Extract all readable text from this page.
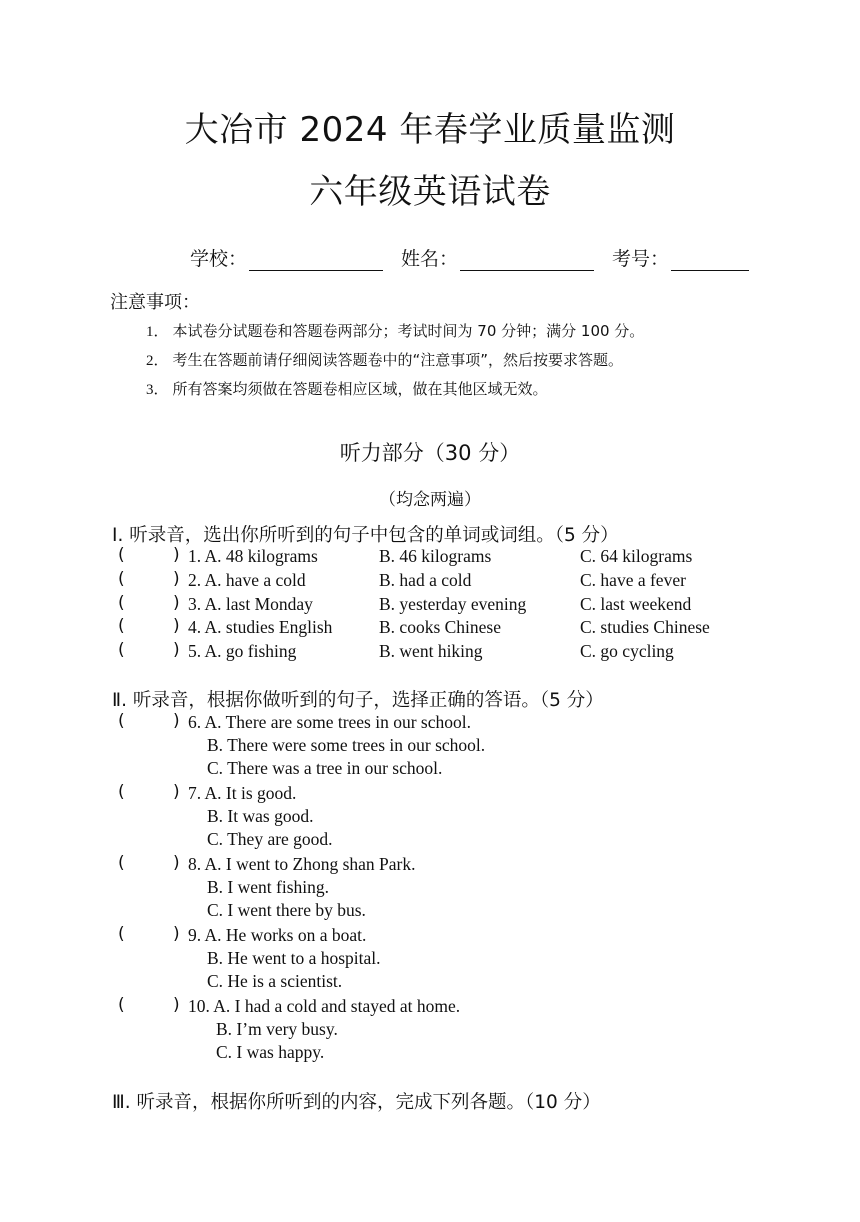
大冶市 2024 年春学业质量监测
六年级英语试卷
学校：	姓名：	考号：
注意事项：
1． 本试卷分试题卷和答题卷两部分；考试时间为 70 分钟；满分 100 分。
2． 考生在答题前请仔细阅读答题卷中的“注意事项”，然后按要求答题。
3． 所有答案均须做在答题卷相应区域，做在其他区域无效。
听力部分（30 分）
（均念两遍）
Ⅰ. 听录音，选出你所听到的句子中包含的单词或词组。（5 分）
(	) 1. A. 48 kilograms	B. 46 kilograms	C. 64 kilograms
(	) 2. A. have a cold	B. had a cold	C. have a fever
(	) 3. A. last Monday	B. yesterday evening	C. last weekend
(	) 4. A. studies English	B. cooks Chinese	C. studies Chinese
(	) 5. A. go fishing	B. went hiking	C. go cycling
Ⅱ. 听录音，根据你做听到的句子，选择正确的答语。（5 分）
(	) 6. A. There are some trees in our school.
B. There were some trees in our school.
C. There was a tree in our school.
(	) 7. A. It is good.
B. It was good.
C. They are good.
(	) 8. A. I went to Zhong shan Park.
B. I went fishing.
C. I went there by bus.
(	) 9. A. He works on a boat.
B. He went to a hospital.
C. He is a scientist.
(	) 10. A. I had a cold and stayed at home.
B. I’m very busy.
C. I was happy.
Ⅲ. 听录音，根据你所听到的内容，完成下列各题。（10 分）
